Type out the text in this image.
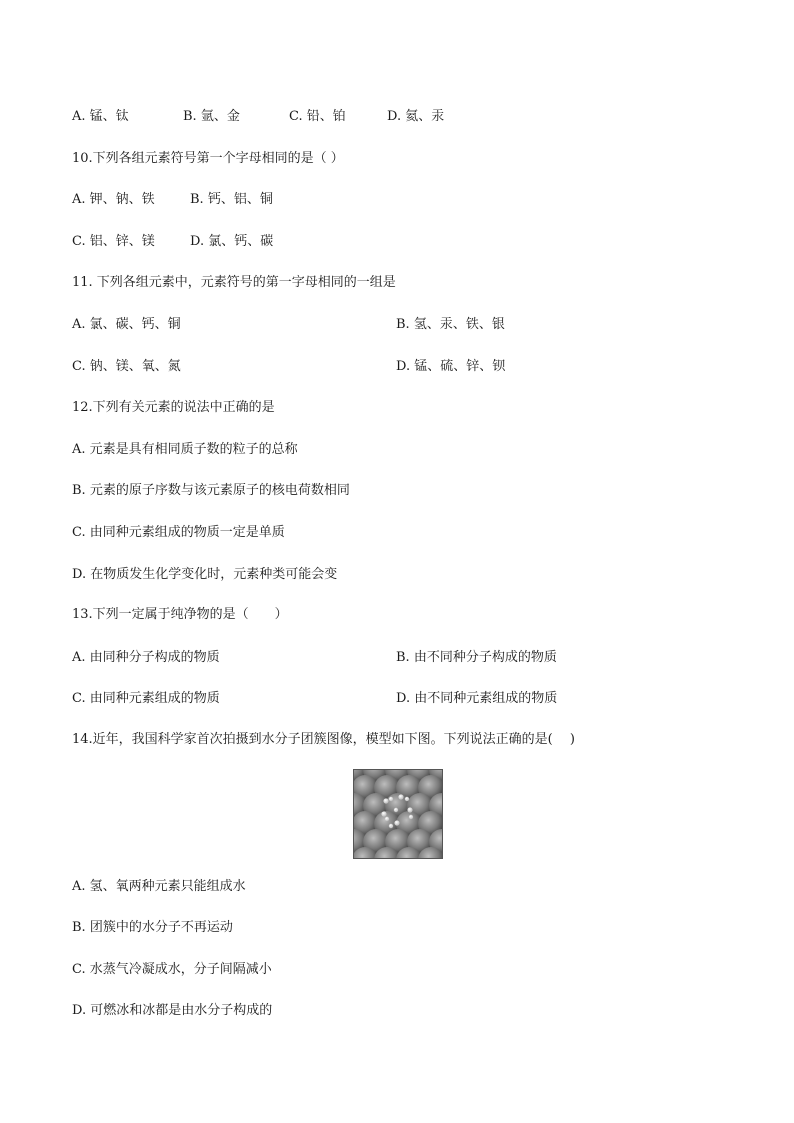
A. 锰、钛	B. 氩、金	C. 铅、铂	D. 氦、汞
10.下列各组元素符号第一个字母相同的是（ ）
A. 钾、钠、铁	B. 钙、铝、铜
C. 铝、锌、镁	D. 氯、钙、碳
11. 下列各组元素中，元素符号的第一字母相同的一组是
A. 氯、碳、钙、铜	B. 氢、汞、铁、银
C. 钠、镁、氧、氮	D. 锰、硫、锌、钡
12.下列有关元素的说法中正确的是
A. 元素是具有相同质子数的粒子的总称
B. 元素的原子序数与该元素原子的核电荷数相同
C. 由同种元素组成的物质一定是单质
D. 在物质发生化学变化时，元素种类可能会变
13.下列一定属于纯净物的是（　　）
A. 由同种分子构成的物质	B. 由不同种分子构成的物质
C. 由同种元素组成的物质	D. 由不同种元素组成的物质
14.近年，我国科学家首次拍摄到水分子团簇图像，模型如下图。下列说法正确的是(　 )
A. 氢、氧两种元素只能组成水
B. 团簇中的水分子不再运动
C. 水蒸气冷凝成水，分子间隔减小
D. 可燃冰和冰都是由水分子构成的
